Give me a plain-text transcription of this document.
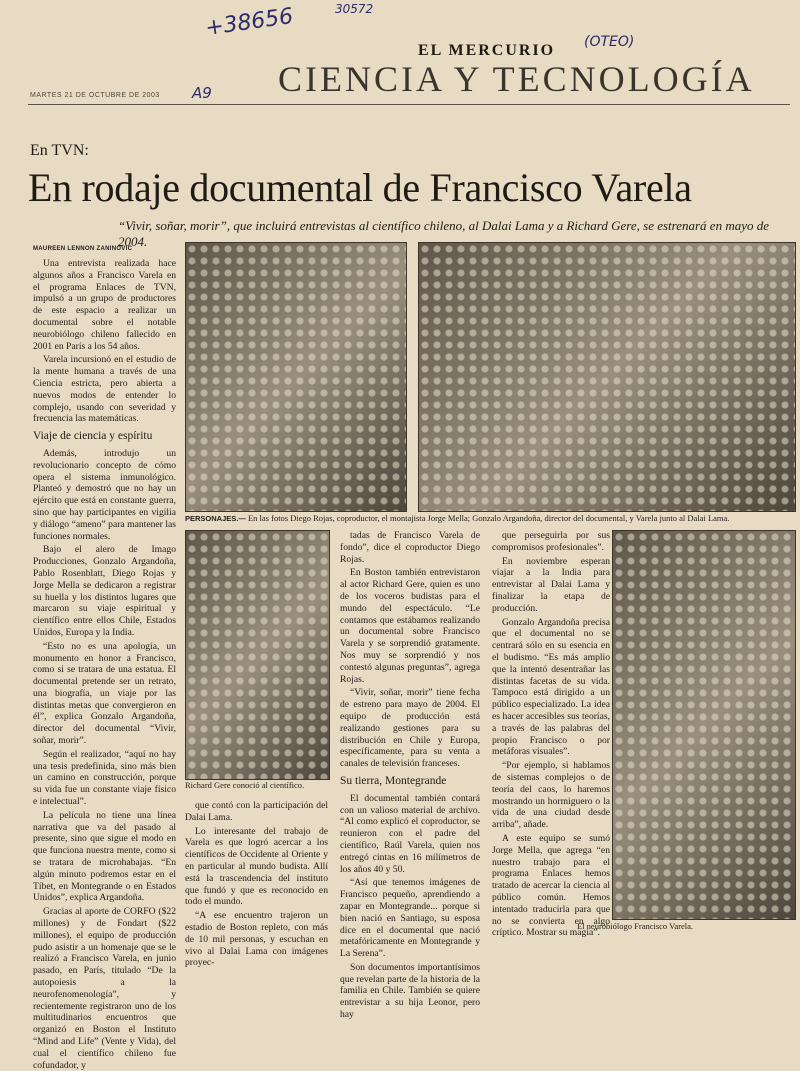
+38656	30572
(OTEO)
A9
EL MERCURIO
CIENCIA Y TECNOLOGÍA
MARTES 21 DE OCTUBRE DE 2003
En TVN:
En rodaje documental de Francisco Varela
“Vivir, soñar, morir”, que incluirá entrevistas al científico chileno, al Dalai Lama y a Richard Gere, se estrenará en mayo de 2004.
MAUREEN LENNON ZANINOVIC

Una entrevista realizada hace algunos años a Francisco Varela en el programa Enlaces de TVN, impulsó a un grupo de productores de este espacio a realizar un documental sobre el notable neurobiólogo chileno fallecido en 2001 en París a los 54 años.

Varela incursionó en el estudio de la mente humana a través de una Ciencia estricta, pero abierta a nuevos modos de entender lo complejo, usando con severidad y frecuencia las matemáticas.

Viaje de ciencia y espíritu

Además, introdujo un revolucionario concepto de cómo opera el sistema inmunológico. Planteó y demostró que no hay un ejército que está en constante guerra, sino que hay participantes en vigilia y diálogo “ameno” para mantener las funciones normales.

Bajo el alero de Imago Producciones, Gonzalo Argandoña, Pablo Rosenblatt, Diego Rojas y Jorge Mella se dedicaron a registrar su huella y los distintos lugares que marcaron su viaje espiritual y científico entre ellos Chile, Estados Unidos, Europa y la India.

“Esto no es una apología, un monumento en honor a Francisco, como si se tratara de una estatua. El documental pretende ser un retrato, una biografía, un viaje por las distintas metas que convergieron en él”, explica Gonzalo Argandoña, director del documental “Vivir, soñar, morir”.

Según el realizador, “aquí no hay una tesis predefinida, sino más bien un camino en construcción, porque su vida fue un constante viaje físico e intelectual”.

La película no tiene una línea narrativa que va del pasado al presente, sino que sigue el modo en que funciona nuestra mente, como si se tratara de microhabajas. “En algún minuto podremos estar en el Tíbet, en Montegrande o en Estados Unidos”, explica Argandoña.

Gracias al aporte de CORFO ($22 millones) y de Fondart ($22 millones), el equipo de producción pudo asistir a un homenaje que se le realizó a Francisco Varela, en junio pasado, en París, titulado “De la autopoiesis a la neurofenomenología”, y recientemente registraron uno de los multitudinarios encuentros que organizó en Boston el Instituto “Mind and Life” (Vente y Vida), del cual el científico chileno fue cofundador, y

PERSONAJES.— En las fotos Diego Rojas, coproductor, el montajista Jorge Mella; Gonzalo Argandoña, director del documental, y Varela junto al Dalai Lama.
Richard Gere conoció al científico.

que contó con la participación del Dalai Lama.

Lo interesante del trabajo de Varela es que logró acercar a los científicos de Occidente al Oriente y en particular al mundo budista. Allí está la trascendencia del instituto que fundó y que es reconocido en todo el mundo.

“A ese encuentro trajeron un estadio de Boston repleto, con más de 10 mil personas, y escuchan en vivo al Dalai Lama con imágenes proyec-

tadas de Francisco Varela de fondo”, dice el coproductor Diego Rojas.

En Boston también entrevistaron al actor Richard Gere, quien es uno de los voceros budistas para el mundo del espectáculo. “Le contamos que estábamos realizando un documental sobre Francisco Varela y se sorprendió gratamente. Nos muy se sorprendió y nos contestó algunas preguntas”, agrega Rojas.

“Vivir, soñar, morir” tiene fecha de estreno para mayo de 2004. El equipo de producción está realizando gestiones para su distribución en Chile y Europa, específicamente, para su venta a canales de televisión franceses.

Su tierra, Montegrande

El documental también contará con un valioso material de archivo. “Al como explicó el coproductor, se reunieron con el padre del científico, Raúl Varela, quien nos entregó cintas en 16 milímetros de los años 40 y 50.

“Así que tenemos imágenes de Francisco pequeño, aprendiendo a zapar en Montegrande... porque si bien nació en Santiago, su esposa dice en el documental que nació metafóricamente en Montegrande y La Serena”.

Son documentos importantísimos que revelan parte de la historia de la familia en Chile. También se quiere entrevistar a su hija Leonor, pero hay

que perseguirla por sus compromisos profesionales”.

En noviembre esperan viajar a la India para entrevistar al Dalai Lama y finalizar la etapa de producción.

Gonzalo Argandoña precisa que el documental no se centrará sólo en su esencia en el budismo. “Es más amplio que la intentó desentrañar las distintas facetas de su vida. Tampoco está dirigido a un público especializado. La idea es hacer accesibles sus teorías, a través de las palabras del propio Francisco o por metáforas visuales”.

“Por ejemplo, si hablamos de sistemas complejos o de teoría del caos, lo haremos mostrando un hormiguero o la vida de una ciudad desde arriba”, añade.

A este equipo se sumó Jorge Mella, que agrega “en nuestro trabajo para el programa Enlaces hemos tratado de acercar la ciencia al público común. Hemos intentado traducirla para que no se convierta en algo críptico. Mostrar su magia”.

El neurobiólogo Francisco Varela.
